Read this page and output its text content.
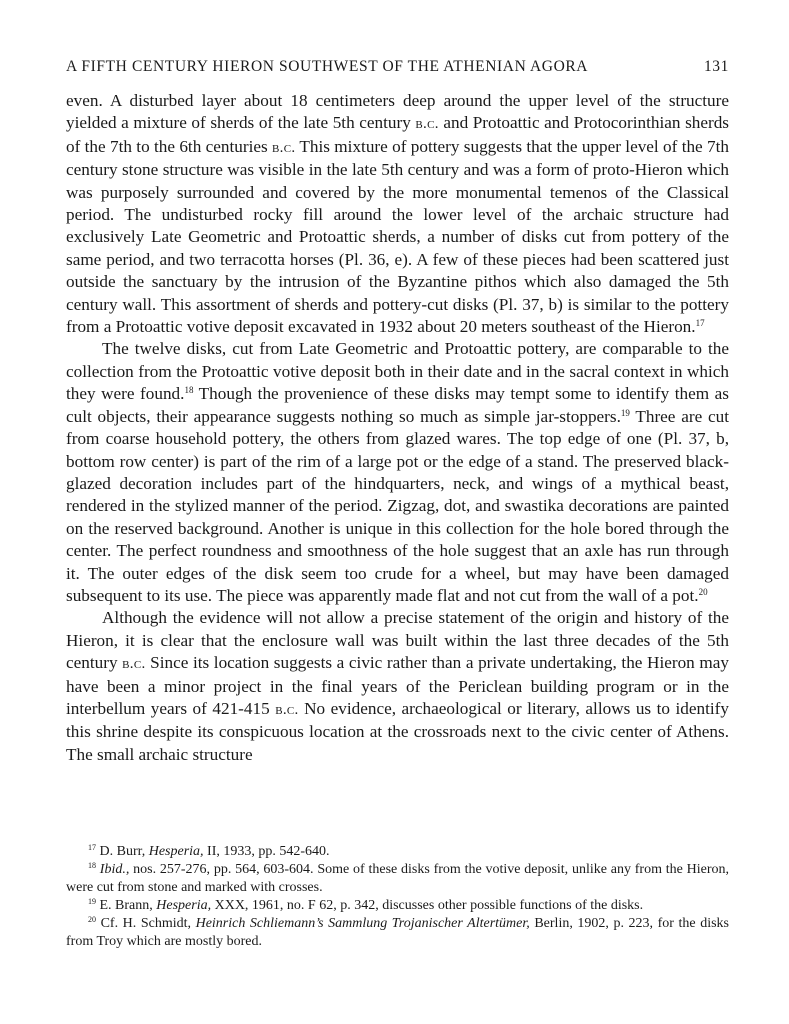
A FIFTH CENTURY HIERON SOUTHWEST OF THE ATHENIAN AGORA	131

even. A disturbed layer about 18 centimeters deep around the upper level of the structure yielded a mixture of sherds of the late 5th century b.c. and Protoattic and Protocorinthian sherds of the 7th to the 6th centuries b.c. This mixture of pottery suggests that the upper level of the 7th century stone structure was visible in the late 5th century and was a form of proto-Hieron which was purposely surrounded and covered by the more monumental temenos of the Classical period. The undisturbed rocky fill around the lower level of the archaic structure had exclusively Late Geometric and Protoattic sherds, a number of disks cut from pottery of the same period, and two terracotta horses (Pl. 36, e). A few of these pieces had been scattered just outside the sanctuary by the intrusion of the Byzantine pithos which also damaged the 5th century wall. This assortment of sherds and pottery-cut disks (Pl. 37, b) is similar to the pottery from a Protoattic votive deposit excavated in 1932 about 20 meters southeast of the Hieron.$^{17}$

The twelve disks, cut from Late Geometric and Protoattic pottery, are comparable to the collection from the Protoattic votive deposit both in their date and in the sacral context in which they were found.$^{18}$ Though the provenience of these disks may tempt some to identify them as cult objects, their appearance suggests nothing so much as simple jar-stoppers.$^{19}$ Three are cut from coarse household pottery, the others from glazed wares. The top edge of one (Pl. 37, b, bottom row center) is part of the rim of a large pot or the edge of a stand. The preserved black-glazed decoration includes part of the hindquarters, neck, and wings of a mythical beast, rendered in the stylized manner of the period. Zigzag, dot, and swastika decorations are painted on the reserved background. Another is unique in this collection for the hole bored through the center. The perfect roundness and smoothness of the hole suggest that an axle has run through it. The outer edges of the disk seem too crude for a wheel, but may have been damaged subsequent to its use. The piece was apparently made flat and not cut from the wall of a pot.$^{20}$

Although the evidence will not allow a precise statement of the origin and history of the Hieron, it is clear that the enclosure wall was built within the last three decades of the 5th century b.c. Since its location suggests a civic rather than a private undertaking, the Hieron may have been a minor project in the final years of the Periclean building program or in the interbellum years of 421-415 b.c. No evidence, archaeological or literary, allows us to identify this shrine despite its conspicuous location at the crossroads next to the civic center of Athens. The small archaic structure

$^{17}$ D. Burr, Hesperia, II, 1933, pp. 542-640.

$^{18}$ Ibid., nos. 257-276, pp. 564, 603-604. Some of these disks from the votive deposit, unlike any from the Hieron, were cut from stone and marked with crosses.

$^{19}$ E. Brann, Hesperia, XXX, 1961, no. F 62, p. 342, discusses other possible functions of the disks.

$^{20}$ Cf. H. Schmidt, Heinrich Schliemann’s Sammlung Trojanischer Altertümer, Berlin, 1902, p. 223, for the disks from Troy which are mostly bored.
